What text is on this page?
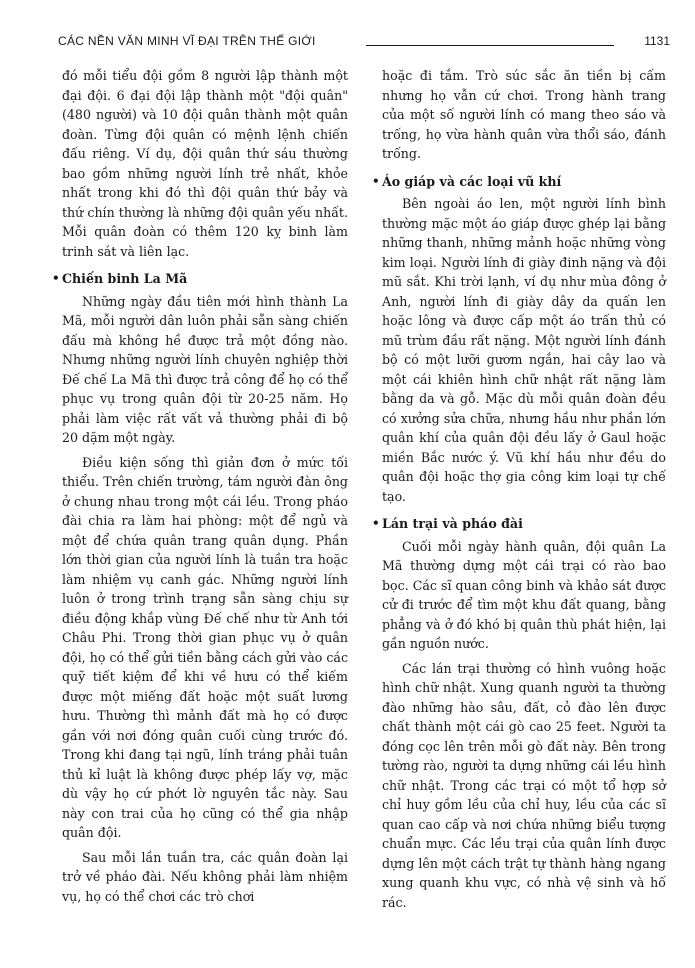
CÁC NỀN VĂN MINH VĨ ĐẠI TRÊN THẾ GIỚI	1131

đó mỗi tiểu đội gồm 8 người lập thành một đại đội. 6 đại đội lập thành một "đội quân" (480 người) và 10 đội quân thành một quân đoàn. Từng đội quân có mệnh lệnh chiến đấu riêng. Ví dụ, đội quân thứ sáu thường bao gồm những người lính trẻ nhất, khỏe nhất trong khi đó thì đội quân thứ bảy và thứ chín thường là những đội quân yếu nhất. Mỗi quân đoàn có thêm 120 kỵ binh làm trinh sát và liên lạc.

• Chiến binh La Mã

Những ngày đầu tiên mới hình thành La Mã, mỗi người dân luôn phải sẵn sàng chiến đấu mà không hề được trả một đồng nào. Nhưng những người lính chuyên nghiệp thời Đế chế La Mã thì được trả công để họ có thể phục vụ trong quân đội từ 20-25 năm. Họ phải làm việc rất vất vả thường phải đi bộ 20 dặm một ngày.

Điều kiện sống thì giản đơn ở mức tối thiểu. Trên chiến trường, tám người đàn ông ở chung nhau trong một cái lều. Trong pháo đài chia ra làm hai phòng: một để ngủ và một để chứa quân trang quân dụng. Phần lớn thời gian của người lính là tuần tra hoặc làm nhiệm vụ canh gác. Những người lính luôn ở trong trình trạng sẵn sàng chịu sự điều động khắp vùng Đế chế như từ Anh tới Châu Phi. Trong thời gian phục vụ ở quân đội, họ có thể gửi tiền bằng cách gửi vào các quỹ tiết kiệm để khi về hưu có thể kiếm được một miếng đất hoặc một suất lương hưu. Thường thì mảnh đất mà họ có được gần với nơi đóng quân cuối cùng trước đó. Trong khi đang tại ngũ, lính tráng phải tuân thủ kỉ luật là không được phép lấy vợ, mặc dù vậy họ cứ phớt lờ nguyên tắc này. Sau này con trai của họ cũng có thể gia nhập quân đội.

Sau mỗi lần tuần tra, các quân đoàn lại trở về pháo đài. Nếu không phải làm nhiệm vụ, họ có thể chơi các trò chơi

hoặc đi tắm. Trò súc sắc ăn tiền bị cấm nhưng họ vẫn cứ chơi. Trong hành trang của một số người lính có mang theo sáo và trống, họ vừa hành quân vừa thổi sáo, đánh trống.

• Áo giáp và các loại vũ khí

Bên ngoài áo len, một người lính bình thường mặc một áo giáp được ghép lại bằng những thanh, những mảnh hoặc những vòng kim loại. Người lính đi giày đinh nặng và đội mũ sắt. Khi trời lạnh, ví dụ như mùa đông ở Anh, người lính đi giày dây da quấn len hoặc lông và được cấp một áo trấn thủ có mũ trùm đầu rất nặng. Một người lính đánh bộ có một lưỡi gươm ngắn, hai cây lao và một cái khiên hình chữ nhật rất nặng làm bằng da và gỗ. Mặc dù mỗi quân đoàn đều có xưởng sửa chữa, nhưng hầu như phần lớn quân khí của quân đội đều lấy ở Gaul hoặc miền Bắc nước ý. Vũ khí hầu như đều do quân đội hoặc thợ gia công kim loại tự chế tạo.

• Lán trại và pháo đài

Cuối mỗi ngày hành quân, đội quân La Mã thường dựng một cái trại có rào bao bọc. Các sĩ quan công binh và khảo sát được cử đi trước để tìm một khu đất quang, bằng phẳng và ở đó khó bị quân thù phát hiện, lại gần nguồn nước.

Các lán trại thường có hình vuông hoặc hình chữ nhật. Xung quanh người ta thường đào những hào sâu, đất, cỏ đào lên được chất thành một cái gò cao 25 feet. Người ta đóng cọc lên trên mỗi gò đất này. Bên trong tường rào, người ta dựng những cái lều hình chữ nhật. Trong các trại có một tổ hợp sở chỉ huy gồm lều của chỉ huy, lều của các sĩ quan cao cấp và nơi chứa những biểu tượng chuẩn mực. Các lều trại của quân lính được dựng lên một cách trật tự thành hàng ngang xung quanh khu vực, có nhà vệ sinh và hố rác.
